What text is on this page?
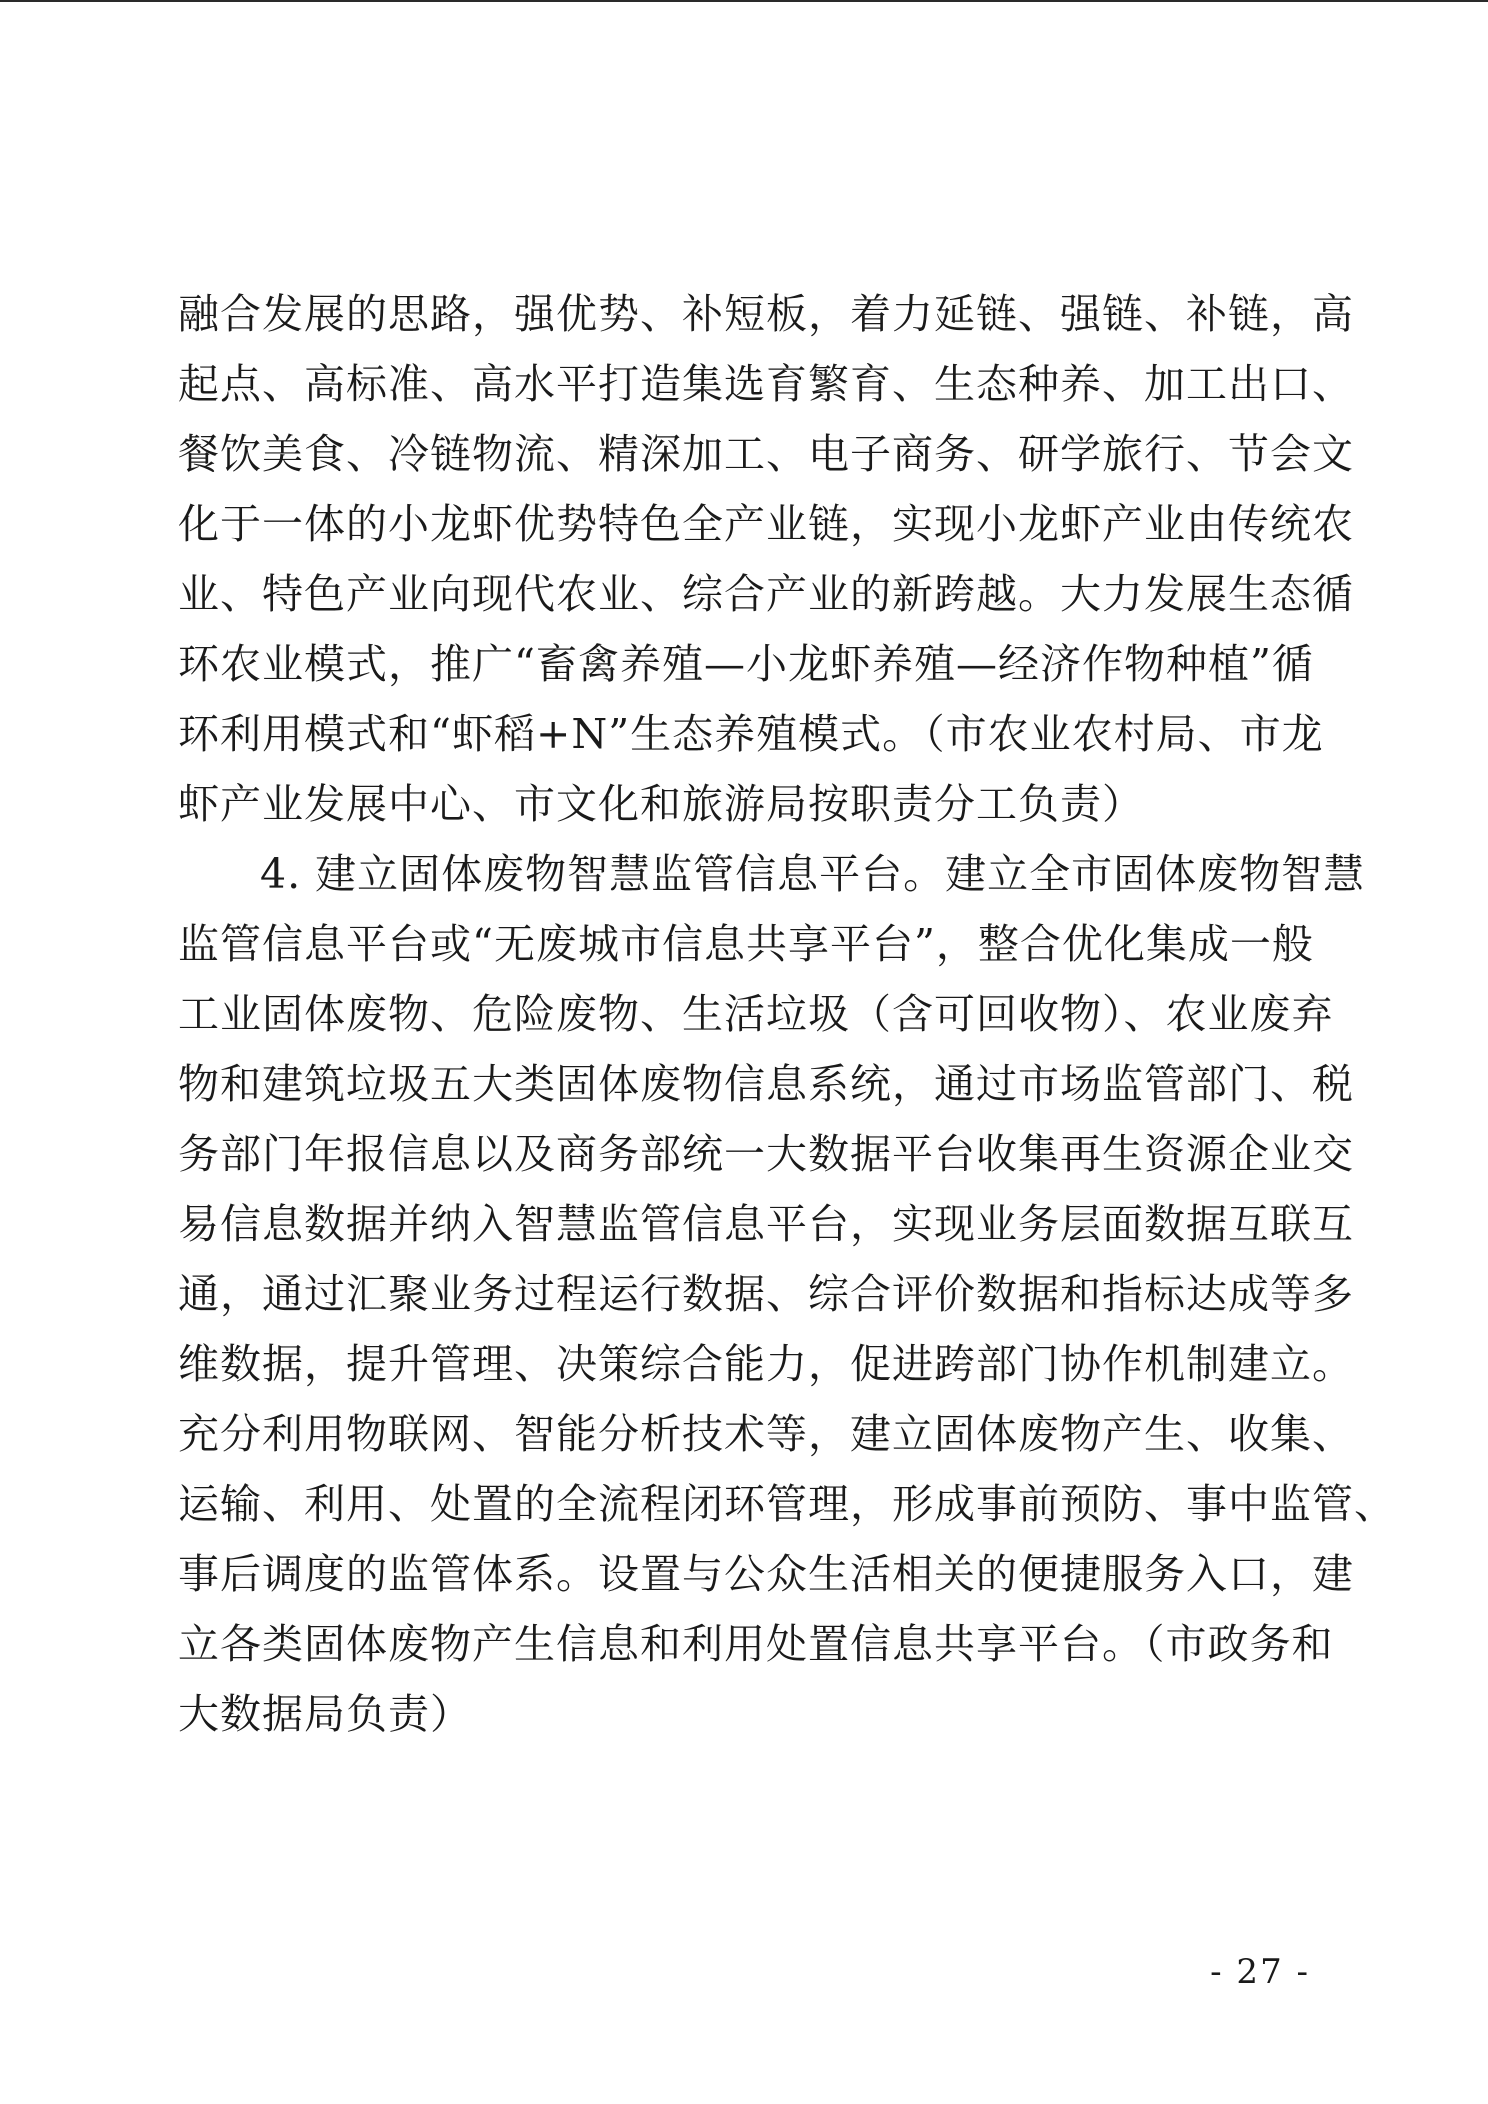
融合发展的思路，强优势、补短板，着力延链、强链、补链，高
起点、高标准、高水平打造集选育繁育、生态种养、加工出口、
餐饮美食、冷链物流、精深加工、电子商务、研学旅行、节会文
化于一体的小龙虾优势特色全产业链，实现小龙虾产业由传统农
业、特色产业向现代农业、综合产业的新跨越。大力发展生态循
环农业模式，推广“畜禽养殖—小龙虾养殖—经济作物种植”循
环利用模式和“虾稻+N”生态养殖模式。（市农业农村局、市龙
虾产业发展中心、市文化和旅游局按职责分工负责）
4. 建立固体废物智慧监管信息平台。建立全市固体废物智慧
监管信息平台或“无废城市信息共享平台”，整合优化集成一般
工业固体废物、危险废物、生活垃圾（含可回收物）、农业废弃
物和建筑垃圾五大类固体废物信息系统，通过市场监管部门、税
务部门年报信息以及商务部统一大数据平台收集再生资源企业交
易信息数据并纳入智慧监管信息平台，实现业务层面数据互联互
通，通过汇聚业务过程运行数据、综合评价数据和指标达成等多
维数据，提升管理、决策综合能力，促进跨部门协作机制建立。
充分利用物联网、智能分析技术等，建立固体废物产生、收集、
运输、利用、处置的全流程闭环管理，形成事前预防、事中监管、
事后调度的监管体系。设置与公众生活相关的便捷服务入口，建
立各类固体废物产生信息和利用处置信息共享平台。（市政务和
大数据局负责）
- 27 -
